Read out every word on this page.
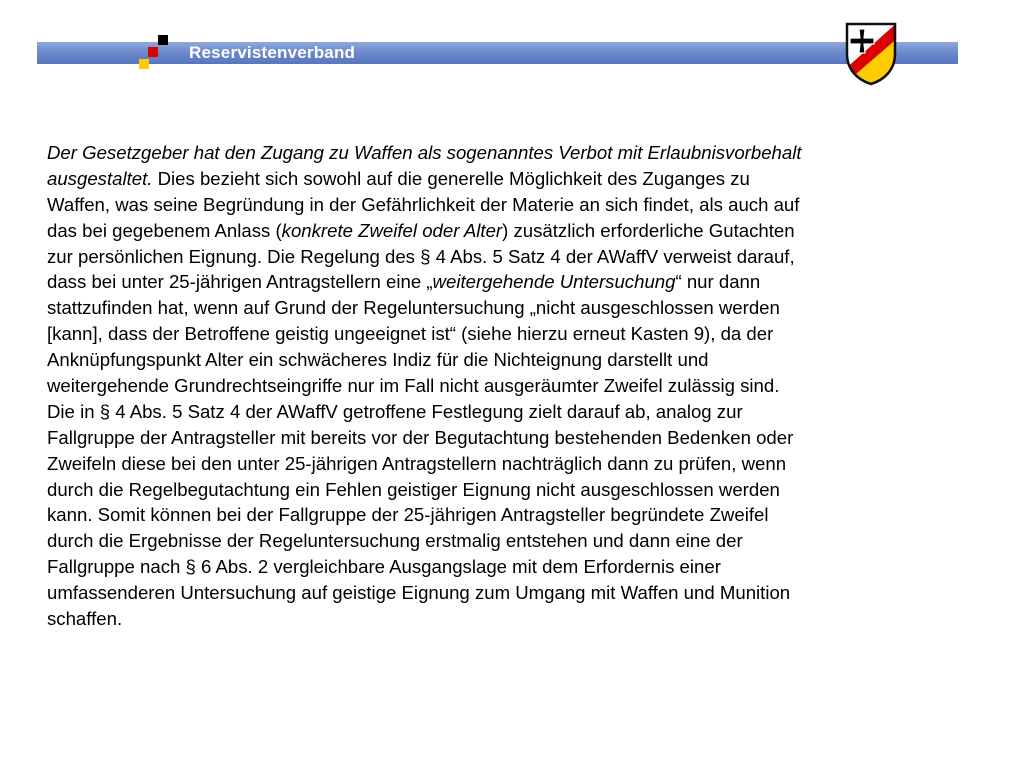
Reservistenverband
Der Gesetzgeber hat den Zugang zu Waffen als sogenanntes Verbot mit Erlaubnisvorbehalt
ausgestaltet. Dies bezieht sich sowohl auf die generelle Möglichkeit des Zuganges zu
Waffen, was seine Begründung in der Gefährlichkeit der Materie an sich findet, als auch auf
das bei gegebenem Anlass (konkrete Zweifel oder Alter) zusätzlich erforderliche Gutachten
zur persönlichen Eignung. Die Regelung des § 4 Abs. 5 Satz 4 der AWaffV verweist darauf,
dass bei unter 25-jährigen Antragstellern eine „weitergehende Untersuchung“ nur dann
stattzufinden hat, wenn auf Grund der Regeluntersuchung „nicht ausgeschlossen werden
[kann], dass der Betroffene geistig ungeeignet ist“ (siehe hierzu erneut Kasten 9), da der
Anknüpfungspunkt Alter ein schwächeres Indiz für die Nichteignung darstellt und
weitergehende Grundrechtseingriffe nur im Fall nicht ausgeräumter Zweifel zulässig sind.
Die in § 4 Abs. 5 Satz 4 der AWaffV getroffene Festlegung zielt darauf ab, analog zur
Fallgruppe der Antragsteller mit bereits vor der Begutachtung bestehenden Bedenken oder
Zweifeln diese bei den unter 25-jährigen Antragstellern nachträglich dann zu prüfen, wenn
durch die Regelbegutachtung ein Fehlen geistiger Eignung nicht ausgeschlossen werden
kann. Somit können bei der Fallgruppe der 25-jährigen Antragsteller begründete Zweifel
durch die Ergebnisse der Regeluntersuchung erstmalig entstehen und dann eine der
Fallgruppe nach § 6 Abs. 2 vergleichbare Ausgangslage mit dem Erfordernis einer
umfassenderen Untersuchung auf geistige Eignung zum Umgang mit Waffen und Munition
schaffen.
